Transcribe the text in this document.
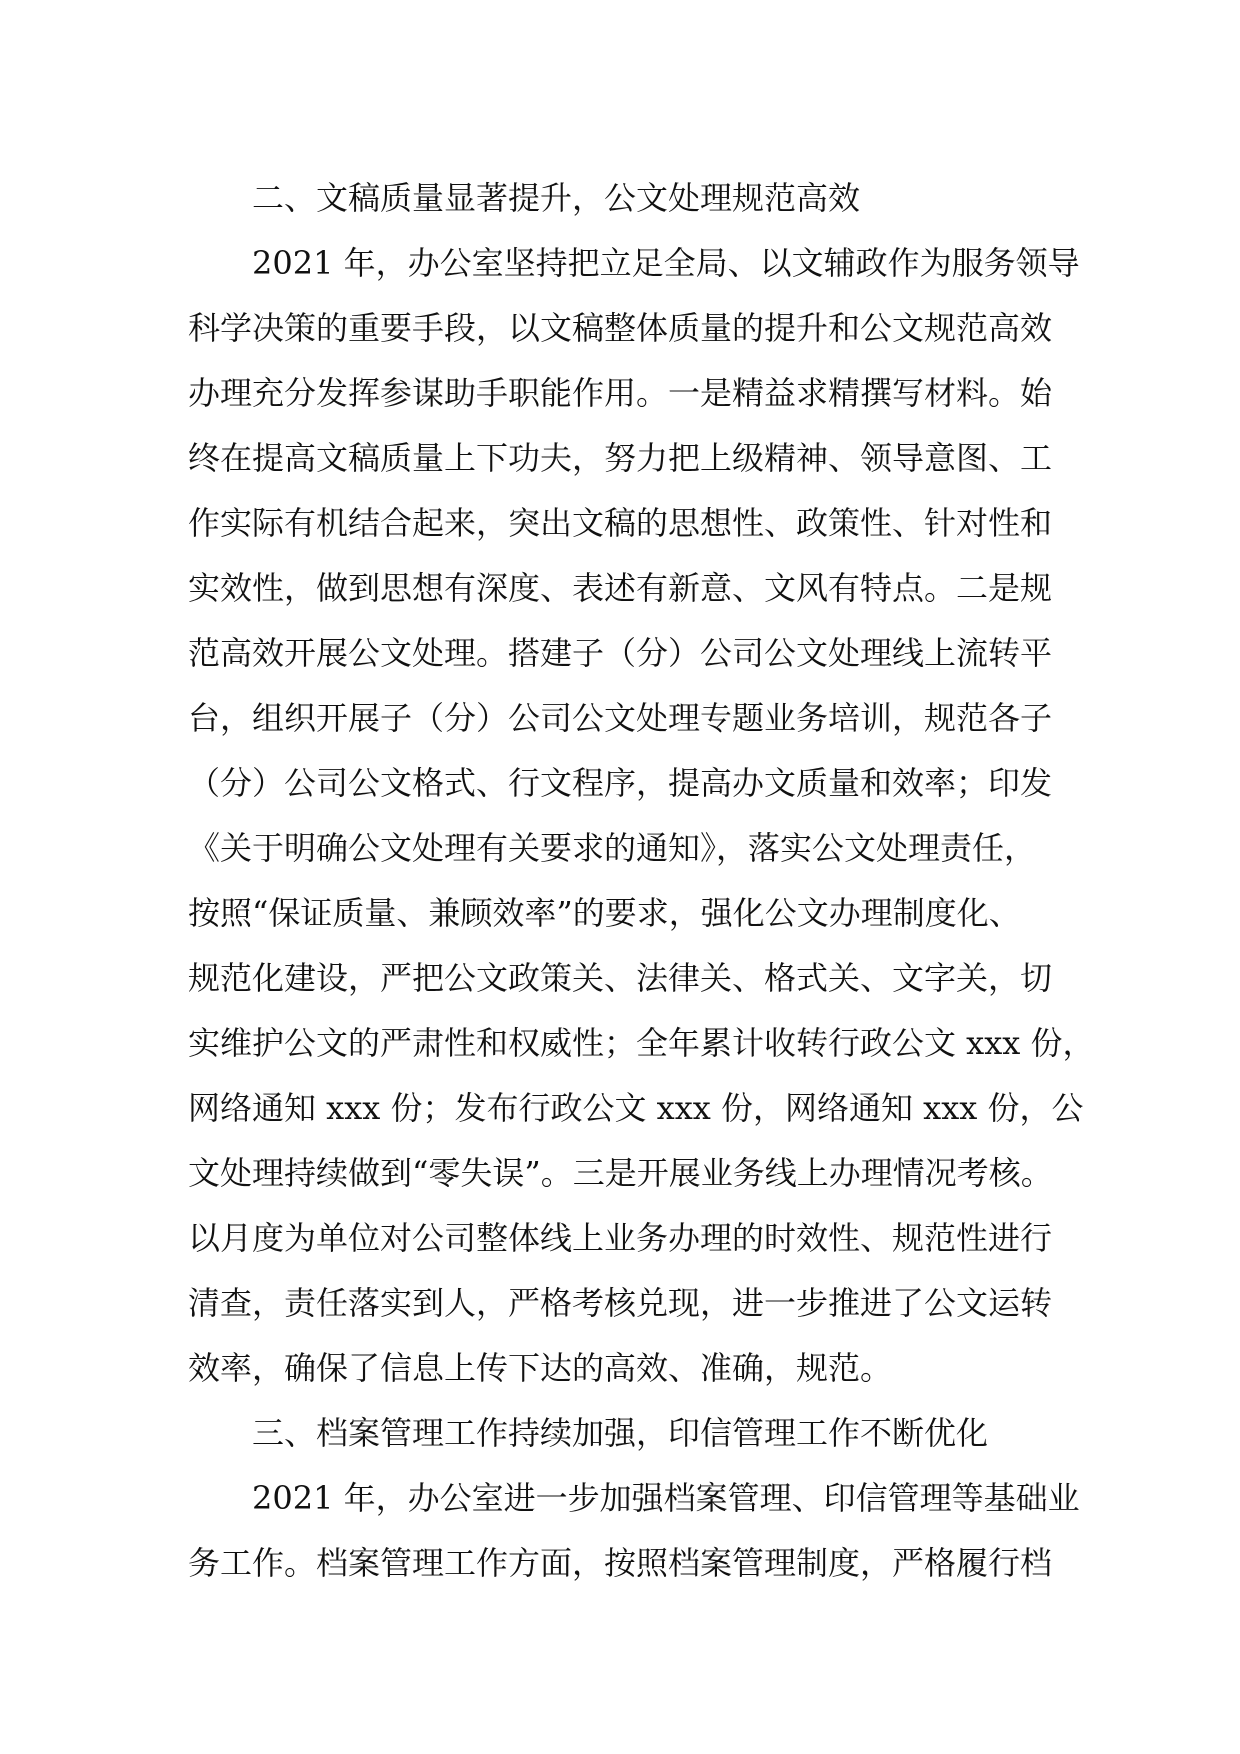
二、文稿质量显著提升，公文处理规范高效
2021 年，办公室坚持把立足全局、以文辅政作为服务领导
科学决策的重要手段，以文稿整体质量的提升和公文规范高效
办理充分发挥参谋助手职能作用。一是精益求精撰写材料。始
终在提高文稿质量上下功夫，努力把上级精神、领导意图、工
作实际有机结合起来，突出文稿的思想性、政策性、针对性和
实效性，做到思想有深度、表述有新意、文风有特点。二是规
范高效开展公文处理。搭建子（分）公司公文处理线上流转平
台，组织开展子（分）公司公文处理专题业务培训，规范各子
（分）公司公文格式、行文程序，提高办文质量和效率；印发
《关于明确公文处理有关要求的通知》，落实公文处理责任，
按照“保证质量、兼顾效率”的要求，强化公文办理制度化、
规范化建设，严把公文政策关、法律关、格式关、文字关，切
实维护公文的严肃性和权威性；全年累计收转行政公文 xxx 份，
网络通知 xxx 份；发布行政公文 xxx 份，网络通知 xxx 份，公
文处理持续做到“零失误”。三是开展业务线上办理情况考核。
以月度为单位对公司整体线上业务办理的时效性、规范性进行
清查，责任落实到人，严格考核兑现，进一步推进了公文运转
效率，确保了信息上传下达的高效、准确，规范。
三、档案管理工作持续加强，印信管理工作不断优化
2021 年，办公室进一步加强档案管理、印信管理等基础业
务工作。档案管理工作方面，按照档案管理制度，严格履行档
